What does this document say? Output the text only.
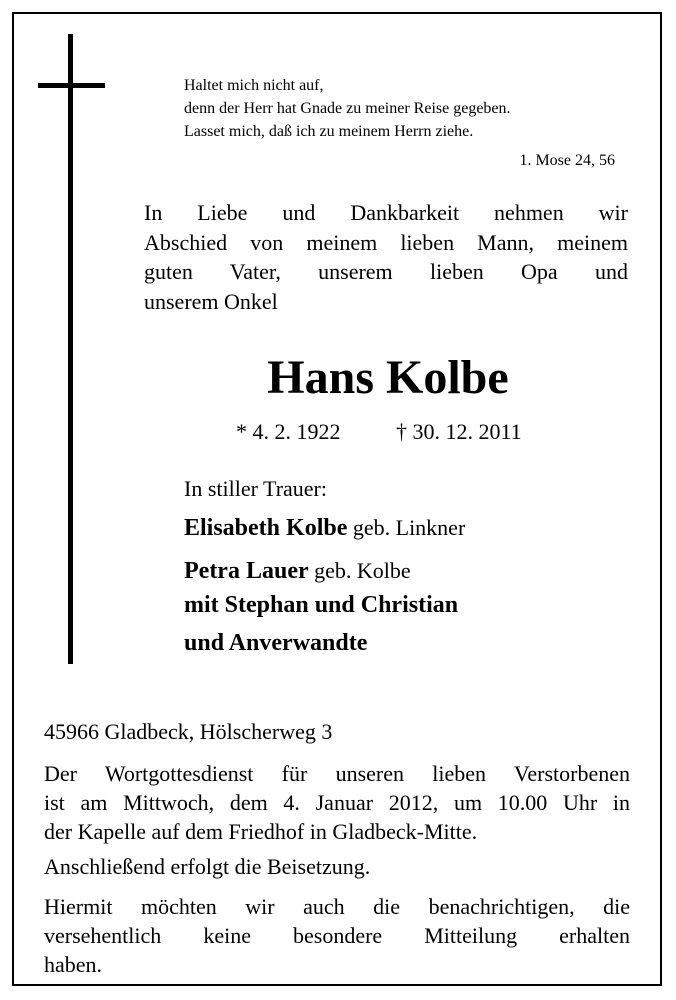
Haltet mich nicht auf,
denn der Herr hat Gnade zu meiner Reise gegeben.
Lasset mich, daß ich zu meinem Herrn ziehe.
1. Mose 24, 56
In Liebe und Dankbarkeit nehmen wir
Abschied von meinem lieben Mann, meinem
guten Vater, unserem lieben Opa und
unserem Onkel
Hans Kolbe
* 4. 2. 1922	† 30. 12. 2011
In stiller Trauer:
Elisabeth Kolbe geb. Linkner
Petra Lauer geb. Kolbe
mit Stephan und Christian
und Anverwandte
45966 Gladbeck, Hölscherweg 3
Der Wortgottesdienst für unseren lieben Verstorbenen
ist am Mittwoch, dem 4. Januar 2012, um 10.00 Uhr in
der Kapelle auf dem Friedhof in Gladbeck-Mitte.
Anschließend erfolgt die Beisetzung.
Hiermit möchten wir auch die benachrichtigen, die
versehentlich keine besondere Mitteilung erhalten
haben.
